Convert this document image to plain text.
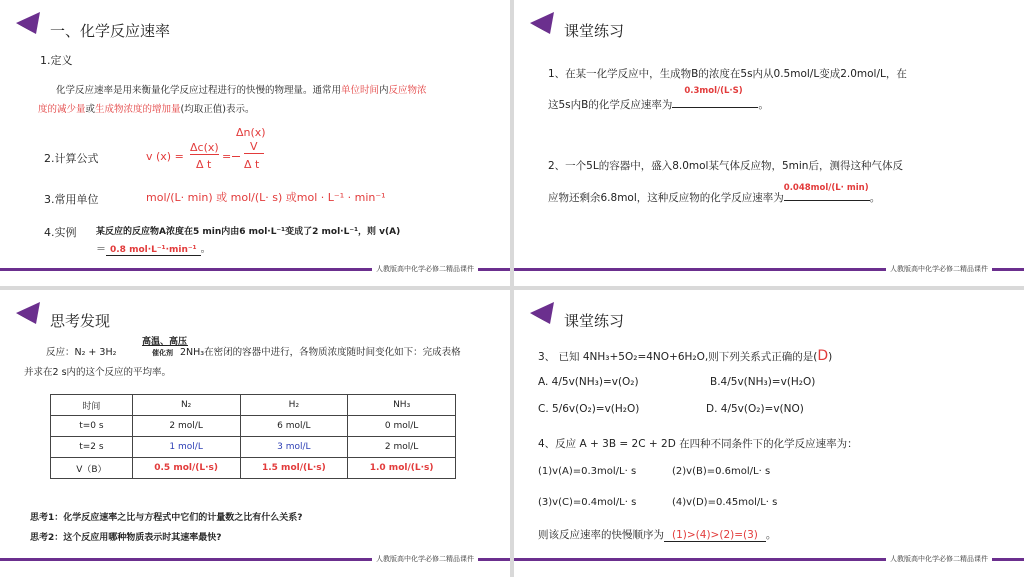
一、化学反应速率
1.定义
化学反应速率是用来衡量化学反应过程进行的快慢的物理量。通常用单位时间内反应物浓
度的减少量或生成物浓度的增加量(均取正值)表示。
2.计算公式	v (x) =
Δc(x)
Δ t
=
Δn(x)
V
Δ t
3.常用单位	mol/(L· min) 或 mol/(L· s) 或mol · L⁻¹ · min⁻¹
4.实例 某反应的反应物A浓度在5 min内由6 mol·L⁻¹变成了2 mol·L⁻¹，则 v(A)
＝ 0.8 mol·L⁻¹·min⁻¹ 。
人教版高中化学必修二精品课件
课堂练习
1、在某一化学反应中，生成物B的浓度在5s内从0.5mol/L变成2.0mol/L，在
这5s内B的化学反应速率为
0.3mol/(L·S)
。
2、一个5L的容器中，盛入8.0mol某气体反应物，5min后，测得这种气体反
应物还剩余6.8mol，这种反应物的化学反应速率为
0.048mol/(L· min)
。
人教版高中化学必修二精品课件
思考发现
反应：N₂ + 3H₂
高温、高压
催化剂 2NH₃在密闭的容器中进行，各物质浓度随时间变化如下：完成表格
并求在2 s内的这个反应的平均率。
时间	N₂	H₂	NH₃
t=0 s	2 mol/L	6 mol/L	0 mol/L
t=2 s	1 mol/L	3 mol/L	2 mol/L
V（B）	0.5 mol/(L·s)	1.5 mol/(L·s)	1.0 mol/(L·s)
思考1：化学反应速率之比与方程式中它们的计量数之比有什么关系?
思考2：这个反应用哪种物质表示时其速率最快?
人教版高中化学必修二精品课件
课堂练习
3、 已知 4NH₃+5O₂=4NO+6H₂O,则下列关系式正确的是(D)
A. 4/5v(NH₃)=v(O₂)	B.4/5v(NH₃)=v(H₂O)
C. 5/6v(O₂)=v(H₂O)	D. 4/5v(O₂)=v(NO)
4、反应 A + 3B = 2C + 2D 在四种不同条件下的化学反应速率为：
(1)v(A)=0.3mol/L· s	(2)v(B)=0.6mol/L· s
(3)v(C)=0.4mol/L· s	(4)v(D)=0.45mol/L· s
则该反应速率的快慢顺序为 (1)>(4)>(2)=(3) 。
人教版高中化学必修二精品课件
